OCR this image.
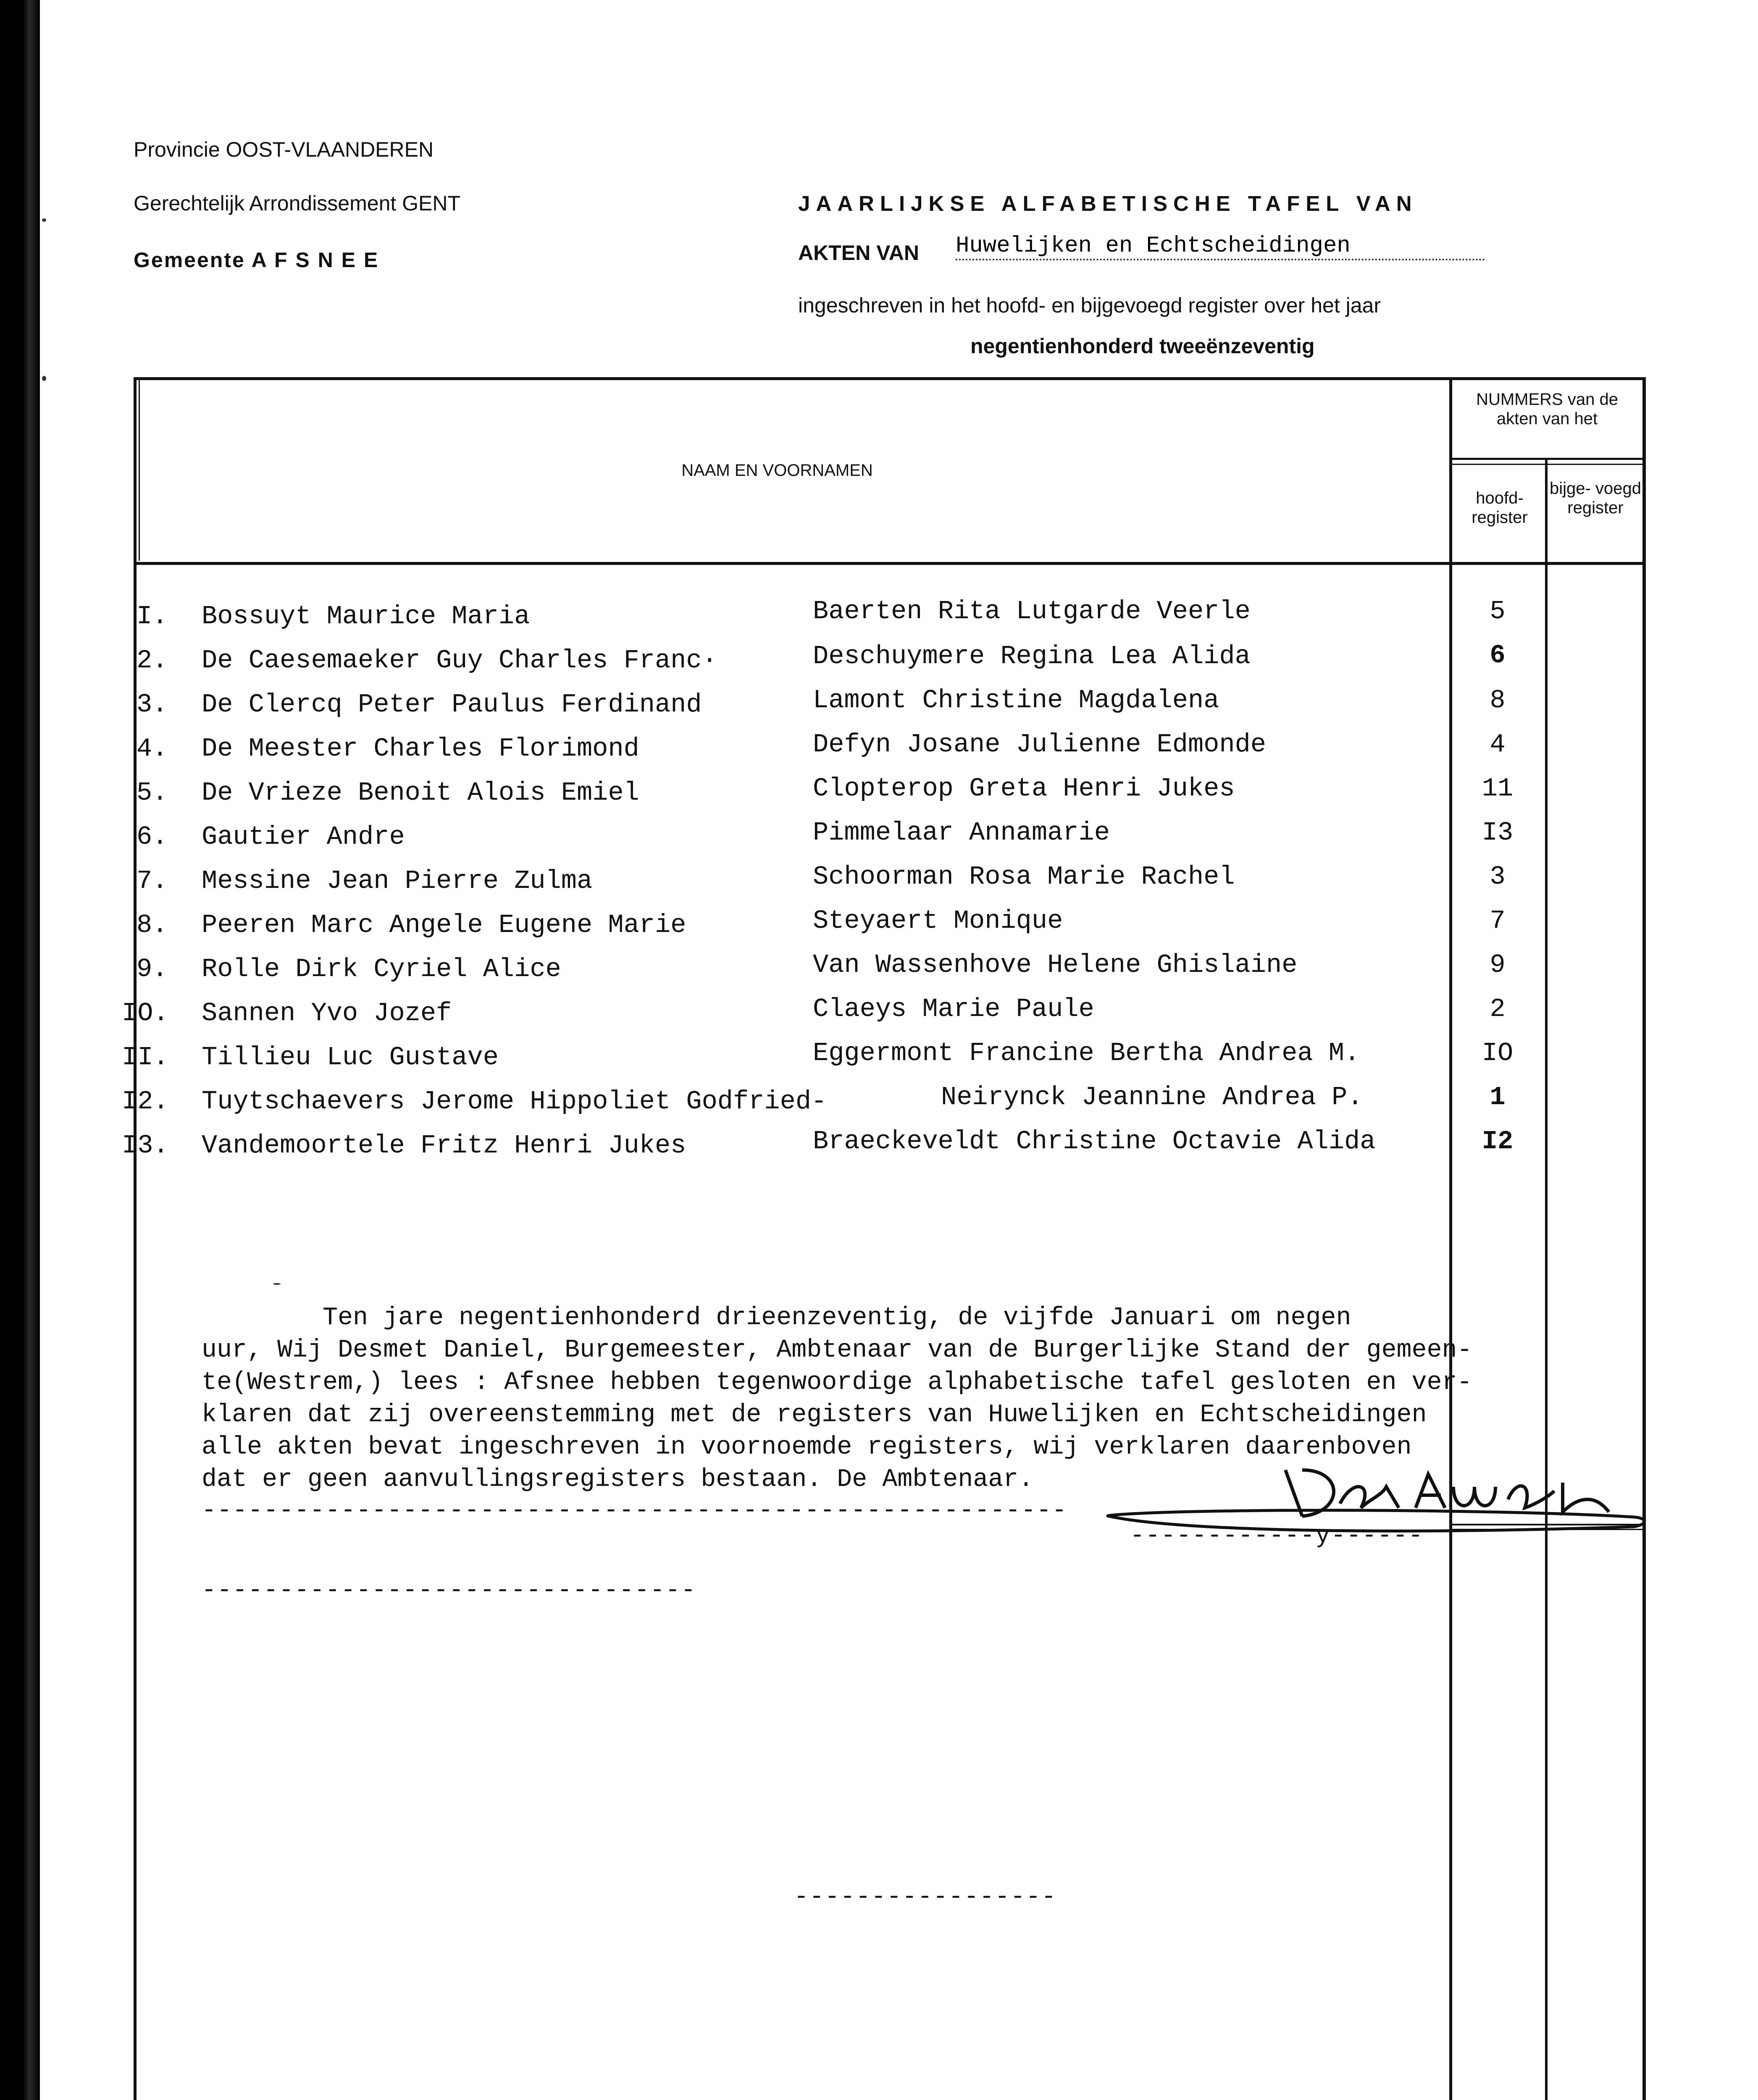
Provincie OOST-VLAANDEREN
Gerechtelijk Arrondissement GENT
Gemeente A F S N E E
JAARLIJKSE ALFABETISCHE TAFEL VAN
AKTEN VAN Huwelijken en Echtscheidingen
ingeschreven in het hoofd- en bijgevoegd register over het jaar
negentienhonderd tweeënzeventig
NAAM EN VOORNAMEN
NUMMERS van de akten van het
hoofd- register
bijge- voegd register
I. Bossuyt Maurice Maria	Baerten Rita Lutgarde Veerle	5
2. De Caesemaeker Guy Charles Franc·	Deschuymere Regina Lea Alida	6
3. De Clercq Peter Paulus Ferdinand	Lamont Christine Magdalena	8
4. De Meester Charles Florimond	Defyn Josane Julienne Edmonde	4
5. De Vrieze Benoit Alois Emiel	Clopterop Greta Henri Jukes	11
6. Gautier Andre	Pimmelaar Annamarie	I3
7. Messine Jean Pierre Zulma	Schoorman Rosa Marie Rachel	3
8. Peeren Marc Angele Eugene Marie	Steyaert Monique	7
9. Rolle Dirk Cyriel Alice	Van Wassenhove Helene Ghislaine	9
IO. Sannen Yvo Jozef	Claeys Marie Paule	2
II. Tillieu Luc Gustave	Eggermont Francine Bertha Andrea M.	IO
I2. Tuytschaevers Jerome Hippoliet Godfried-	Neirynck Jeannine Andrea P.	1
I3. Vandemoortele Fritz Henri Jukes	Braeckeveldt Christine Octavie Alida	I2
Ten jare negentienhonderd drieenzeventig, de vijfde Januari om negen
uur, Wij Desmet Daniel, Burgemeester, Ambtenaar van de Burgerlijke Stand der gemeen-
te(Westrem,) lees : Afsnee hebben tegenwoordige alphabetische tafel gesloten en ver-
klaren dat zij overeenstemming met de registers van Huwelijken en Echtscheidingen
alle akten bevat ingeschreven in voornoemde registers, wij verklaren daarenboven
dat er geen aanvullingsregisters bestaan. De Ambtenaar.
--------------------------------------------------------
------------y------
--------------------------------
-----------------
